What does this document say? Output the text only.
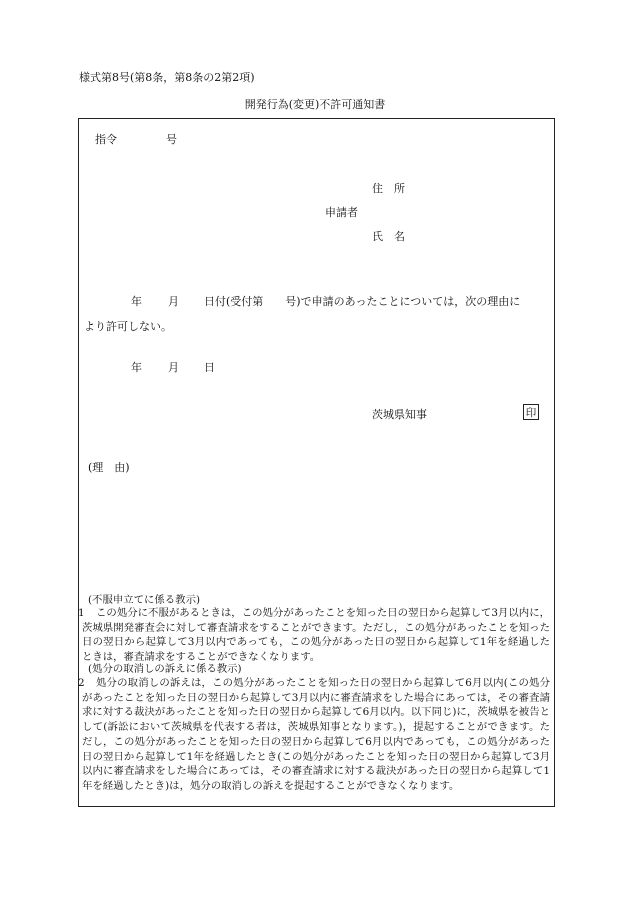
様式第8号(第8条，第8条の2第2項)
開発行為(変更)不許可通知書
指令	号
住　所
申請者
氏　名
年 月 日付(受付第　　号)で申請のあったことについては，次の理由に
より許可しない。
年 月 日
茨城県知事	印
(理　由)
(不服申立てに係る教示)
1	この処分に不服があるときは，この処分があったことを知った日の翌日から起算して3月以内に，茨城県開発審査会に対して審査請求をすることができます。ただし，この処分があったことを知った日の翌日から起算して3月以内であっても，この処分があった日の翌日から起算して1年を経過したときは，審査請求をすることができなくなります。
(処分の取消しの訴えに係る教示)
2	処分の取消しの訴えは，この処分があったことを知った日の翌日から起算して6月以内(この処分があったことを知った日の翌日から起算して3月以内に審査請求をした場合にあっては，その審査請求に対する裁決があったことを知った日の翌日から起算して6月以内。以下同じ)に，茨城県を被告として(訴訟において茨城県を代表する者は，茨城県知事となります。)，提起することができます。ただし，この処分があったことを知った日の翌日から起算して6月以内であっても，この処分があった日の翌日から起算して1年を経過したとき(この処分があったことを知った日の翌日から起算して3月以内に審査請求をした場合にあっては，その審査請求に対する裁決があった日の翌日から起算して1年を経過したとき)は，処分の取消しの訴えを提起することができなくなります。
